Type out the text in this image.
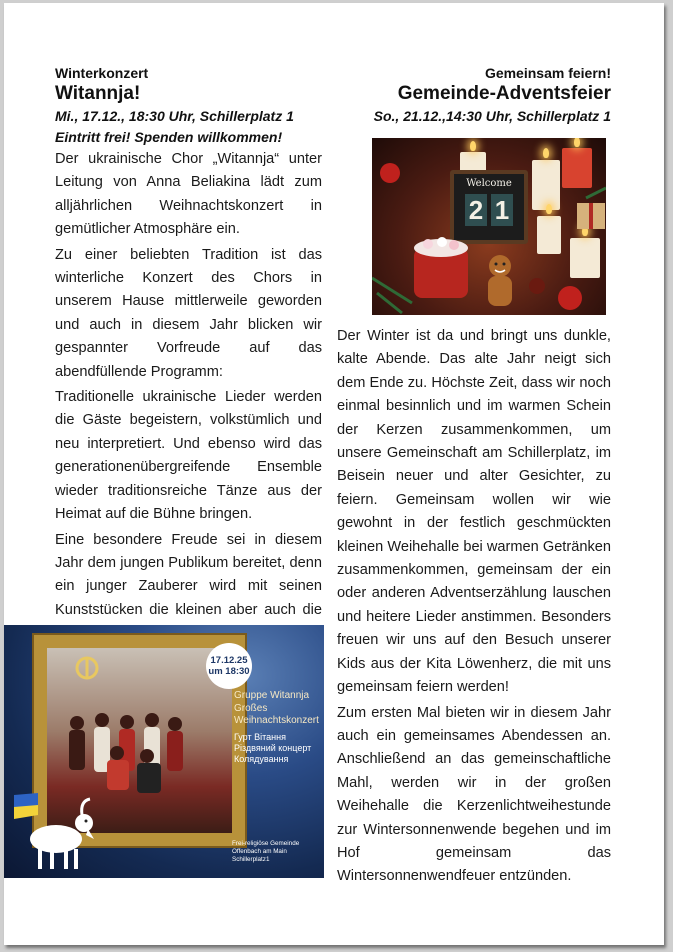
Winterkonzert
Witannja!
Mi., 17.12., 18:30 Uhr, Schillerplatz 1
Eintritt frei! Spenden willkommen!

Der ukrainische Chor „Witannja“ unter Leitung von Anna Beliakina lädt zum alljährlichen Weihnachtskonzert in gemütlicher Atmosphäre ein.

Zu einer beliebten Tradition ist das winterliche Konzert des Chors in unserem Hause mittlerweile geworden und auch in diesem Jahr blicken wir gespannter Vorfreude auf das abendfüllende Programm:

Traditionelle ukrainische Lieder werden die Gäste begeistern, volkstümlich und neu interpretiert. Und ebenso wird das generationenübergreifende Ensemble wieder traditionsreiche Tänze aus der Heimat auf die Bühne bringen.

Eine besondere Freude sei in diesem Jahr dem jungen Publikum bereitet, denn ein junger Zauberer wird mit seinen Kunststücken die kleinen aber auch die

17.12.25
um 18:30
Gruppe Witannja
Großes
Weihnachtskonzert
Гурт Вітання
Різдвяний концерт
Колядування
Frei-religiöse Gemeinde
Offenbach am Main
Schillerplatz1
Gemeinsam feiern!
Gemeinde-Adventsfeier
So., 21.12.,14:30 Uhr, Schillerplatz 1

Der Winter ist da und bringt uns dunkle, kalte Abende. Das alte Jahr neigt sich dem Ende zu. Höchste Zeit, dass wir noch einmal besinnlich und im warmen Schein der Kerzen zusammenkommen, um unsere Gemeinschaft am Schillerplatz, im Beisein neuer und alter Gesichter, zu feiern. Gemeinsam wollen wir wie gewohnt in der festlich geschmückten kleinen Weihehalle bei warmen Getränken zusammenkommen, gemeinsam der ein oder anderen Adventserzählung lauschen und heitere Lieder anstimmen. Besonders freuen wir uns auf den Besuch unserer Kids aus der Kita Löwenherz, die mit uns gemeinsam feiern werden!

Zum ersten Mal bieten wir in diesem Jahr auch ein gemeinsames Abendessen an. Anschließend an das gemeinschaftliche Mahl, werden wir in der großen Weihehalle die Kerzenlichtweihestunde zur Wintersonnenwende begehen und im Hof gemeinsam das Wintersonnenwendfeuer entzünden.

Welcome
2 1
